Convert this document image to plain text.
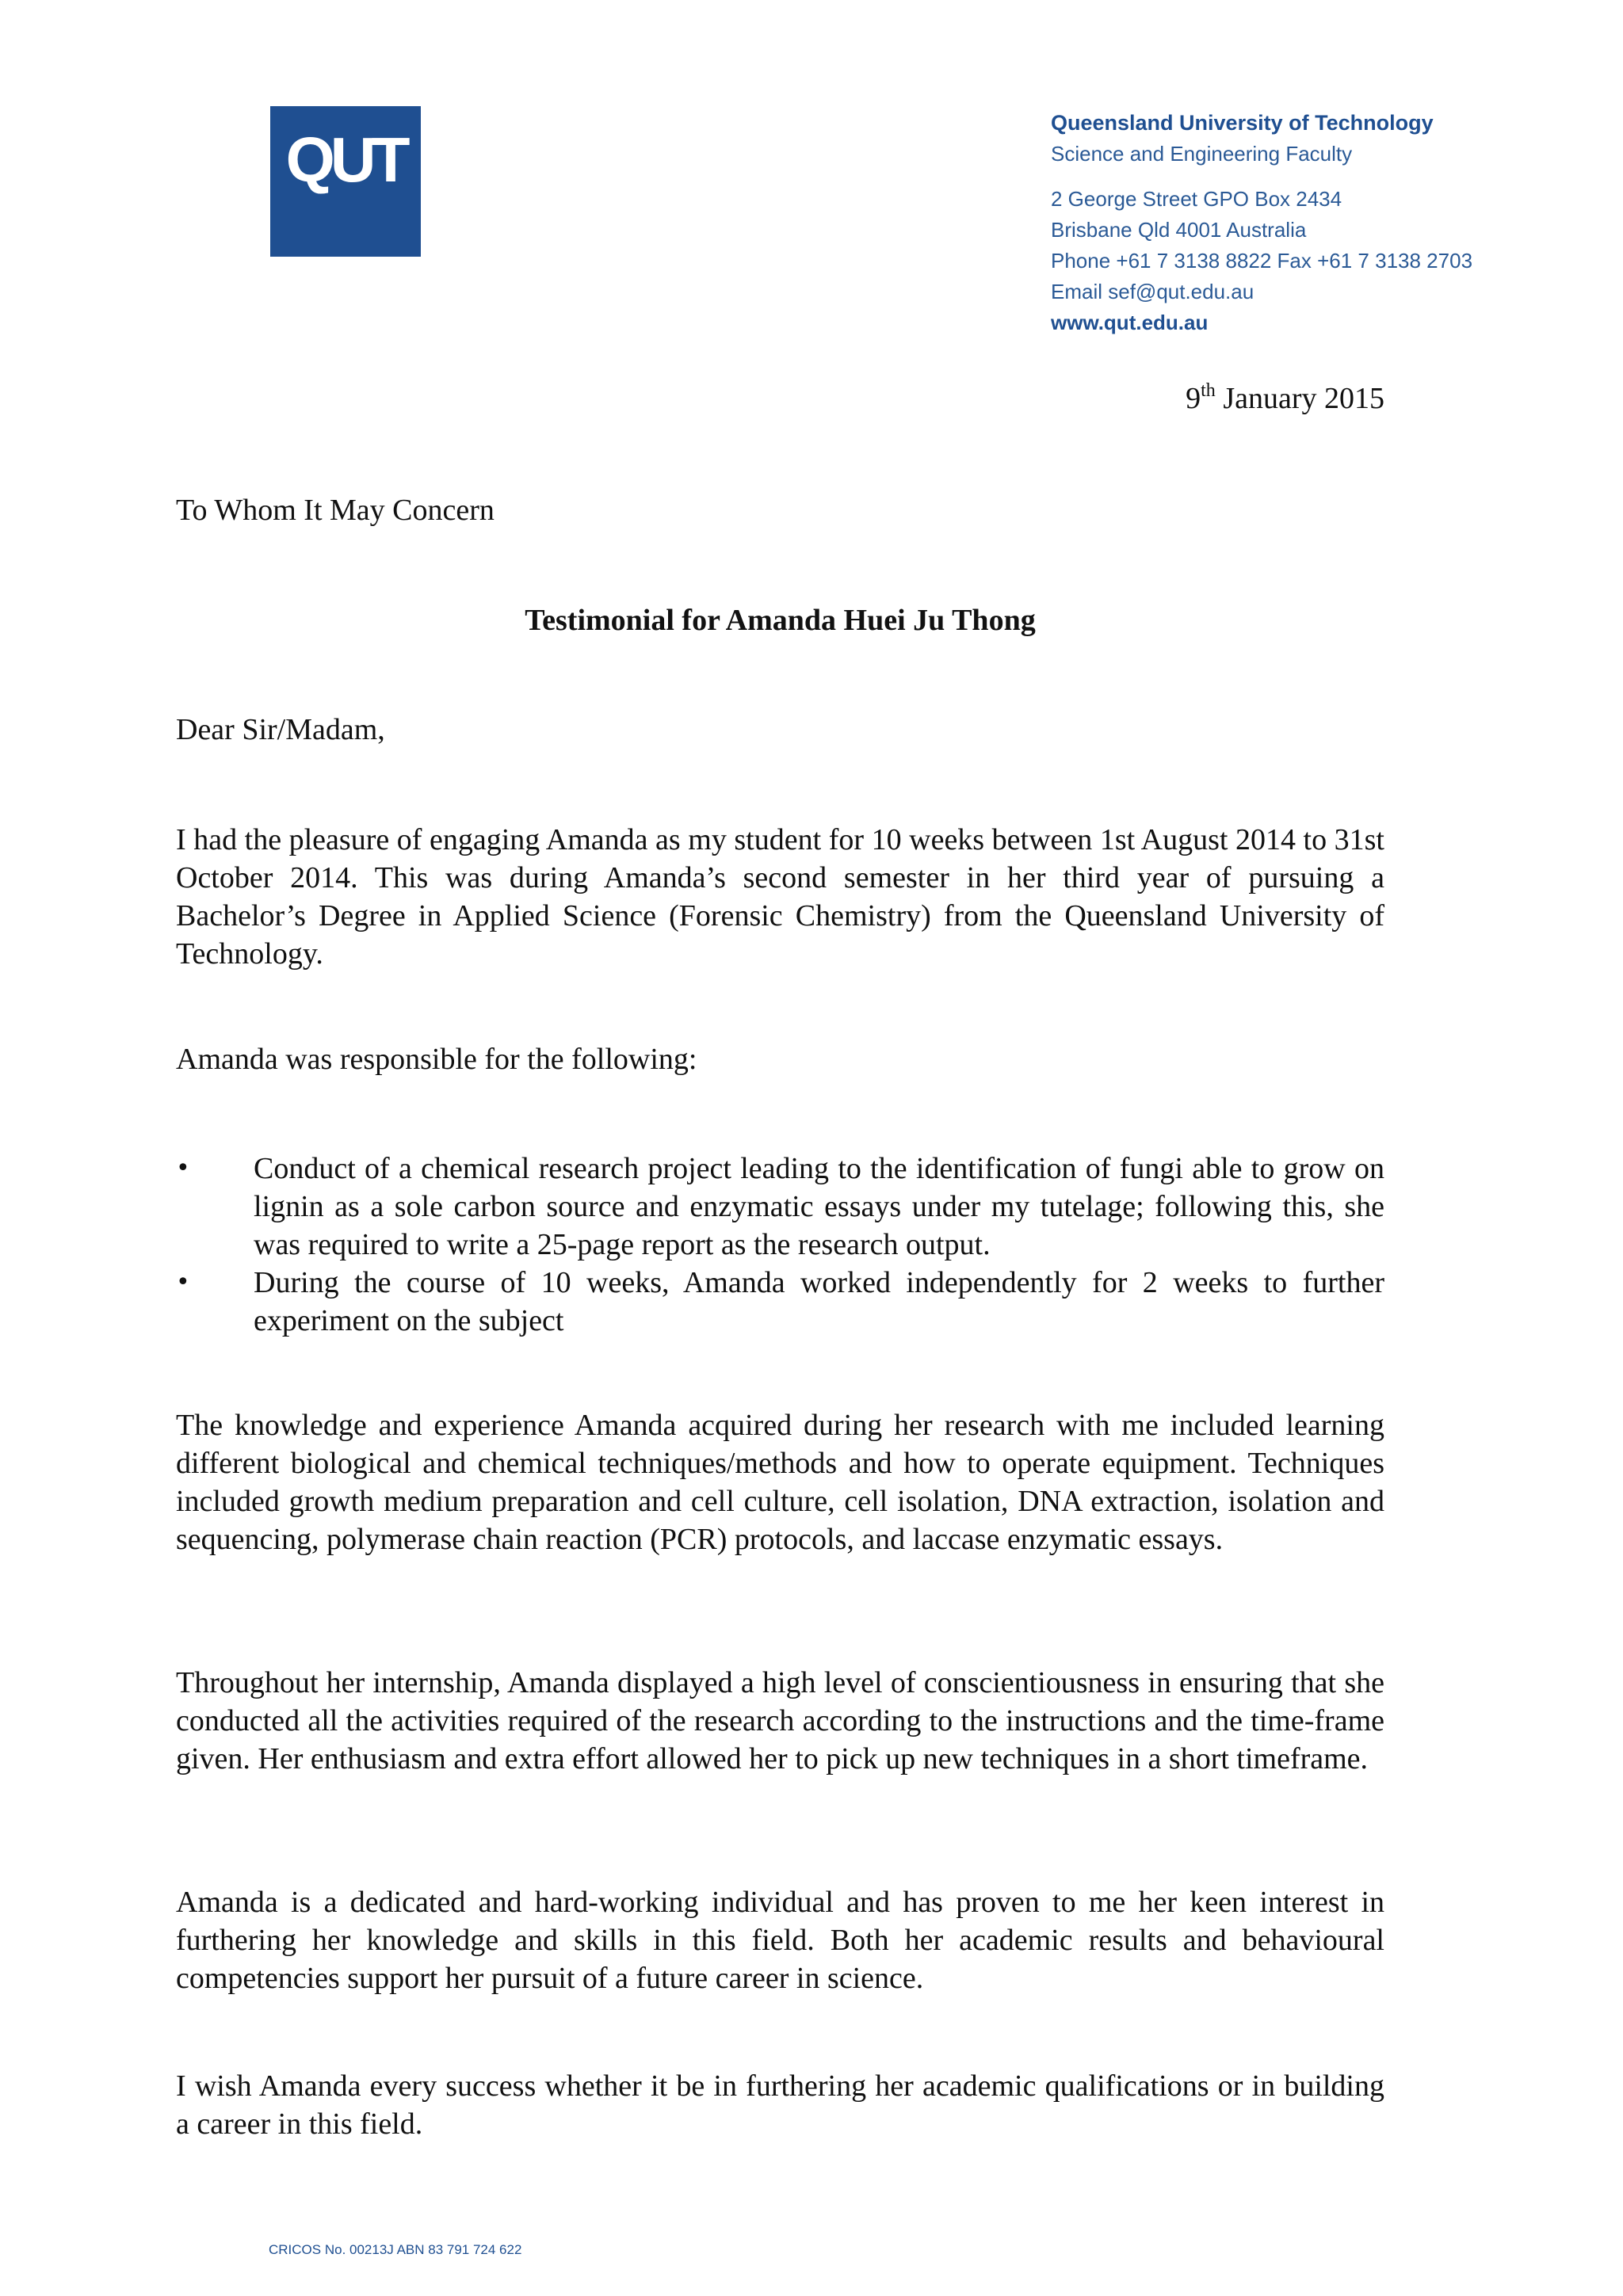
QUT
Queensland University of Technology
Science and Engineering Faculty
2 George Street GPO Box 2434
Brisbane Qld 4001 Australia
Phone +61 7 3138 8822 Fax +61 7 3138 2703
Email sef@qut.edu.au
www.qut.edu.au
9th January 2015
To Whom It May Concern
Testimonial for Amanda Huei Ju Thong
Dear Sir/Madam,
I had the pleasure of engaging Amanda as my student for 10 weeks between 1st August 2014 to 31st October 2014. This was during Amanda’s second semester in her third year of pursuing a Bachelor’s Degree in Applied Science (Forensic Chemistry) from the Queensland University of Technology.
Amanda was responsible for the following:
• Conduct of a chemical research project leading to the identification of fungi able to grow on lignin as a sole carbon source and enzymatic essays under my tutelage; following this, she was required to write a 25-page report as the research output.
• During the course of 10 weeks, Amanda worked independently for 2 weeks to further experiment on the subject
The knowledge and experience Amanda acquired during her research with me included learning different biological and chemical techniques/methods and how to operate equipment. Techniques included growth medium preparation and cell culture, cell isolation, DNA extraction, isolation and sequencing, polymerase chain reaction (PCR) protocols, and laccase enzymatic essays.
Throughout her internship, Amanda displayed a high level of conscientiousness in ensuring that she conducted all the activities required of the research according to the instructions and the time-frame given. Her enthusiasm and extra effort allowed her to pick up new techniques in a short timeframe.
Amanda is a dedicated and hard-working individual and has proven to me her keen interest in furthering her knowledge and skills in this field. Both her academic results and behavioural competencies support her pursuit of a future career in science.
I wish Amanda every success whether it be in furthering her academic qualifications or in building a career in this field.
CRICOS No. 00213J ABN 83 791 724 622
